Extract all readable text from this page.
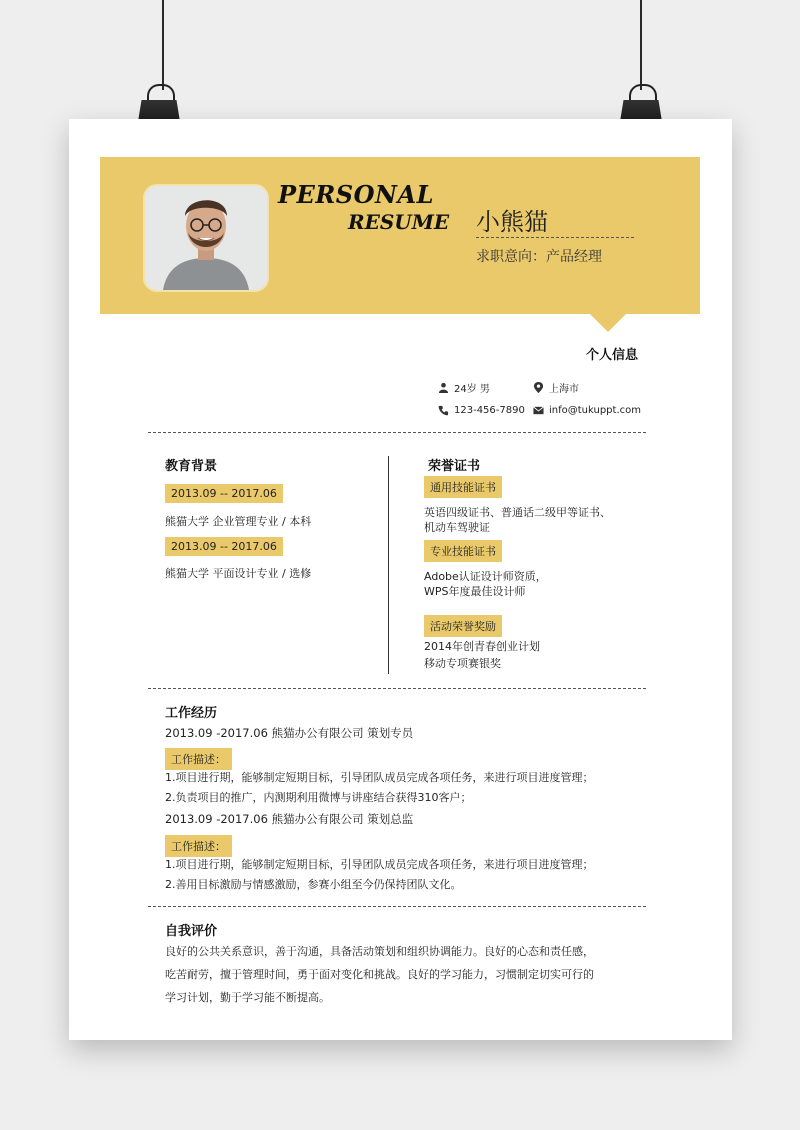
PERSONAL
RESUME 小熊猫
求职意向：产品经理
个人信息
24岁 男	上海市
123-456-7890 info@tukuppt.com
教育背景
2013.09 -- 2017.06
熊猫大学 企业管理专业 / 本科
2013.09 -- 2017.06
熊猫大学 平面设计专业 / 选修
荣誉证书
通用技能证书
英语四级证书、普通话二级甲等证书、
机动车驾驶证
专业技能证书
Adobe认证设计师资质，
WPS年度最佳设计师
活动荣誉奖励
2014年创青春创业计划
移动专项赛银奖
工作经历
2013.09 -2017.06 熊猫办公有限公司 策划专员
工作描述：
1.项目进行期，能够制定短期目标，引导团队成员完成各项任务，来进行项目进度管理；
2.负责项目的推广，内测期利用微博与讲座结合获得310客户；
2013.09 -2017.06 熊猫办公有限公司 策划总监
工作描述：
1.项目进行期，能够制定短期目标，引导团队成员完成各项任务，来进行项目进度管理；
2.善用目标激励与情感激励，参赛小组至今仍保持团队文化。
自我评价
良好的公共关系意识，善于沟通，具备活动策划和组织协调能力。良好的心态和责任感，
吃苦耐劳，擅于管理时间，勇于面对变化和挑战。良好的学习能力，习惯制定切实可行的
学习计划，勤于学习能不断提高。
